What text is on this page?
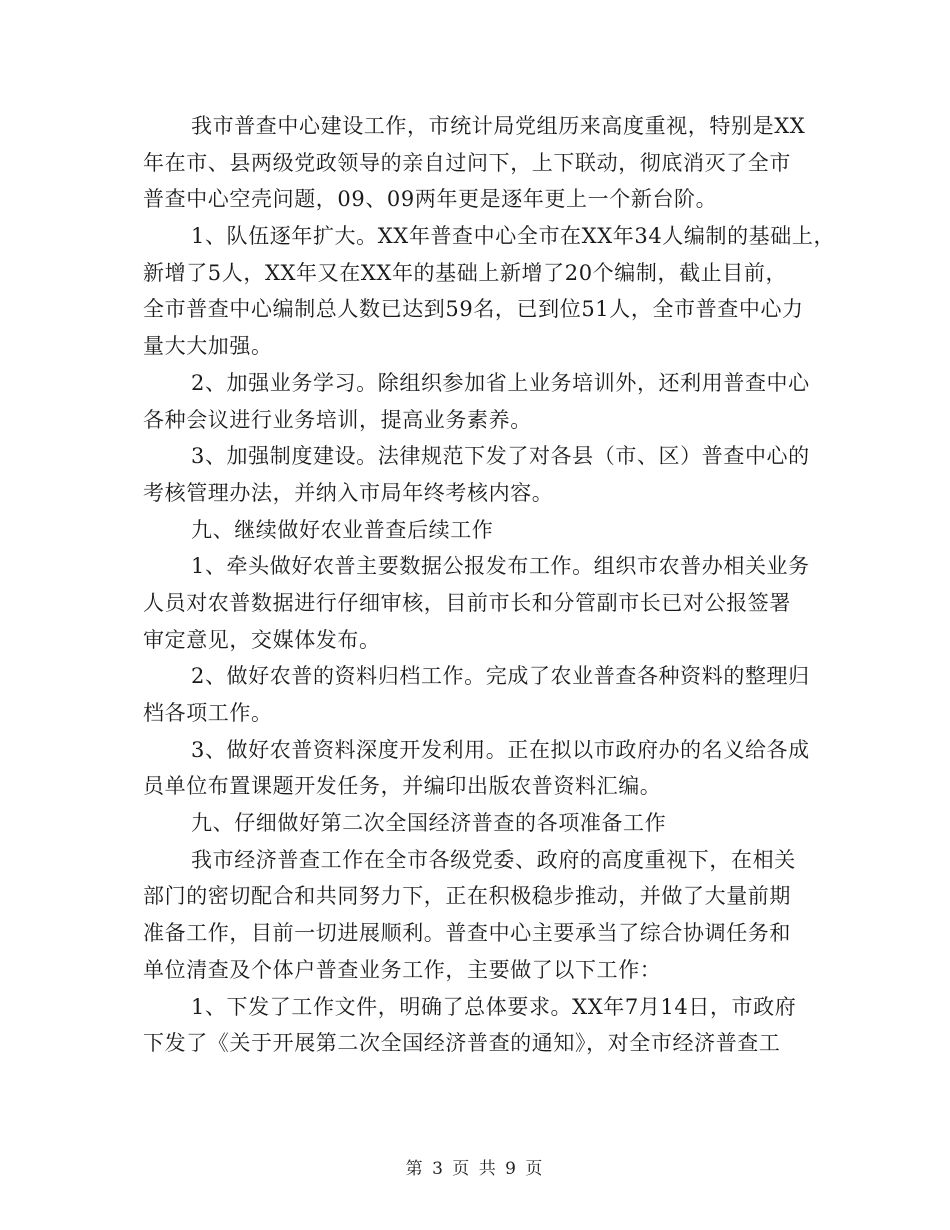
我市普查中心建设工作，市统计局党组历来高度重视，特别是XX
年在市、县两级党政领导的亲自过问下，上下联动，彻底消灭了全市
普查中心空壳问题，09、09两年更是逐年更上一个新台阶。
1、队伍逐年扩大。XX年普查中心全市在XX年34人编制的基础上，
新增了5人，XX年又在XX年的基础上新增了20个编制，截止目前，
全市普查中心编制总人数已达到59名，已到位51人，全市普查中心力
量大大加强。
2、加强业务学习。除组织参加省上业务培训外，还利用普查中心
各种会议进行业务培训，提高业务素养。
3、加强制度建设。法律规范下发了对各县（市、区）普查中心的
考核管理办法，并纳入市局年终考核内容。
九、继续做好农业普查后续工作
1、牵头做好农普主要数据公报发布工作。组织市农普办相关业务
人员对农普数据进行仔细审核，目前市长和分管副市长已对公报签署
审定意见，交媒体发布。
2、做好农普的资料归档工作。完成了农业普查各种资料的整理归
档各项工作。
3、做好农普资料深度开发利用。正在拟以市政府办的名义给各成
员单位布置课题开发任务，并编印出版农普资料汇编。
九、仔细做好第二次全国经济普查的各项准备工作
我市经济普查工作在全市各级党委、政府的高度重视下，在相关
部门的密切配合和共同努力下，正在积极稳步推动，并做了大量前期
准备工作，目前一切进展顺利。普查中心主要承当了综合协调任务和
单位清查及个体户普查业务工作，主要做了以下工作：
1、下发了工作文件，明确了总体要求。XX年7月14日，市政府
下发了《关于开展第二次全国经济普查的通知》，对全市经济普查工
第 3 页 共 9 页
